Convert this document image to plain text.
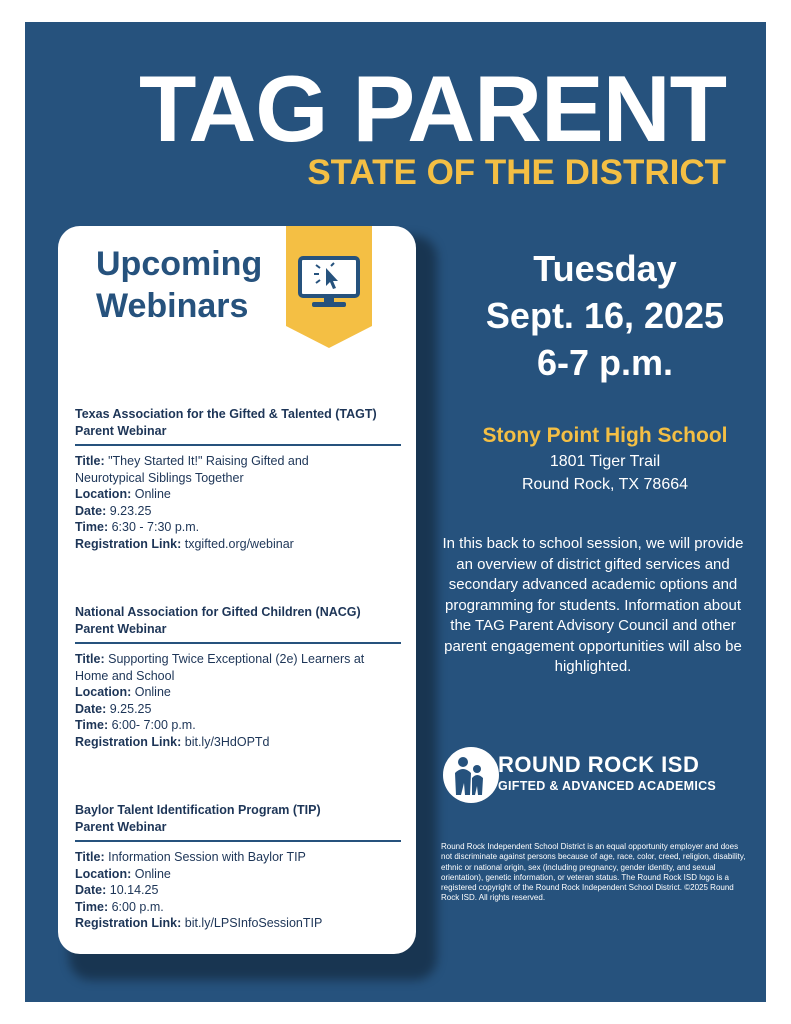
TAG PARENT
STATE OF THE DISTRICT
Upcoming
Webinars

Texas Association for the Gifted & Talented (TAGT)
Parent Webinar

Title: "They Started It!" Raising Gifted and
Neurotypical Siblings Together

Location: Online

Date: 9.23.25

Time: 6:30 - 7:30 p.m.

Registration Link: txgifted.org/webinar

National Association for Gifted Children (NACG)
Parent Webinar

Title: Supporting Twice Exceptional (2e) Learners at
Home and School

Location: Online

Date: 9.25.25

Time: 6:00- 7:00 p.m.

Registration Link: bit.ly/3HdOPTd

Baylor Talent Identification Program (TIP)
Parent Webinar

Title: Information Session with Baylor TIP

Location: Online

Date: 10.14.25

Time: 6:00 p.m.

Registration Link: bit.ly/LPSInfoSessionTIP

Tuesday

Sept. 16, 2025

6-7 p.m.

Stony Point High School

1801 Tiger Trail

Round Rock, TX 78664

In this back to school session, we will provide an overview of district gifted services and secondary advanced academic options and programming for students. Information about the TAG Parent Advisory Council and other parent engagement opportunities will also be highlighted.

ROUND ROCK ISD

GIFTED & ADVANCED ACADEMICS

Round Rock Independent School District is an equal opportunity employer and does not discriminate against persons because of age, race, color, creed, religion, disability, ethnic or national origin, sex (including pregnancy, gender identity, and sexual orientation), genetic information, or veteran status. The Round Rock ISD logo is a registered copyright of the Round Rock Independent School District. ©2025 Round Rock ISD. All rights reserved.
